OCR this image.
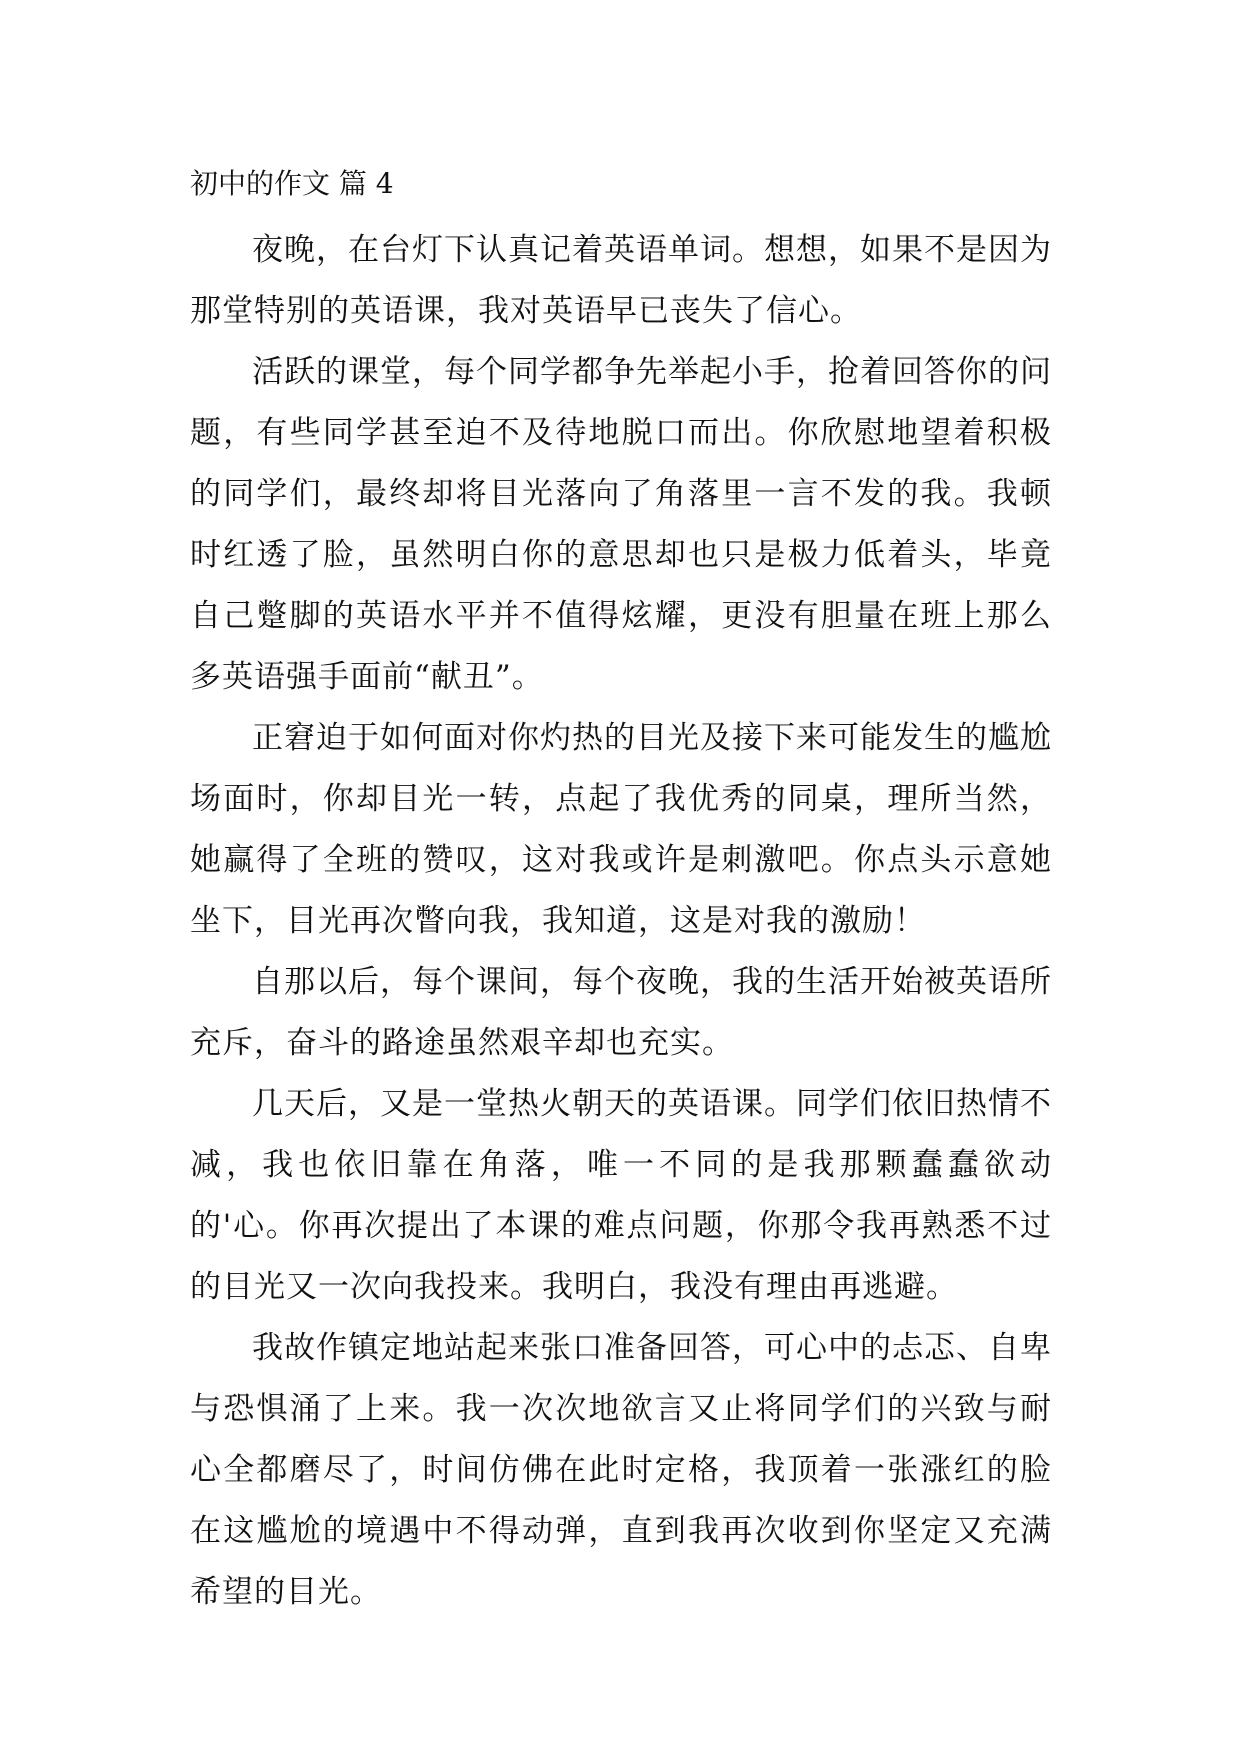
初中的作文 篇 4

夜晚，在台灯下认真记着英语单词。想想，如果不是因为那堂特别的英语课，我对英语早已丧失了信心。

活跃的课堂，每个同学都争先举起小手，抢着回答你的问题，有些同学甚至迫不及待地脱口而出。你欣慰地望着积极的同学们，最终却将目光落向了角落里一言不发的我。我顿时红透了脸，虽然明白你的意思却也只是极力低着头，毕竟自己蹩脚的英语水平并不值得炫耀，更没有胆量在班上那么多英语强手面前“献丑”。

正窘迫于如何面对你灼热的目光及接下来可能发生的尴尬场面时，你却目光一转，点起了我优秀的同桌，理所当然，她赢得了全班的赞叹，这对我或许是刺激吧。你点头示意她坐下，目光再次瞥向我，我知道，这是对我的激励！

自那以后，每个课间，每个夜晚，我的生活开始被英语所充斥，奋斗的路途虽然艰辛却也充实。

几天后，又是一堂热火朝天的英语课。同学们依旧热情不减，我也依旧靠在角落，唯一不同的是我那颗蠢蠢欲动的'心。你再次提出了本课的难点问题，你那令我再熟悉不过的目光又一次向我投来。我明白，我没有理由再逃避。

我故作镇定地站起来张口准备回答，可心中的忐忑、自卑与恐惧涌了上来。我一次次地欲言又止将同学们的兴致与耐心全都磨尽了，时间仿佛在此时定格，我顶着一张涨红的脸在这尴尬的境遇中不得动弹，直到我再次收到你坚定又充满希望的目光。
